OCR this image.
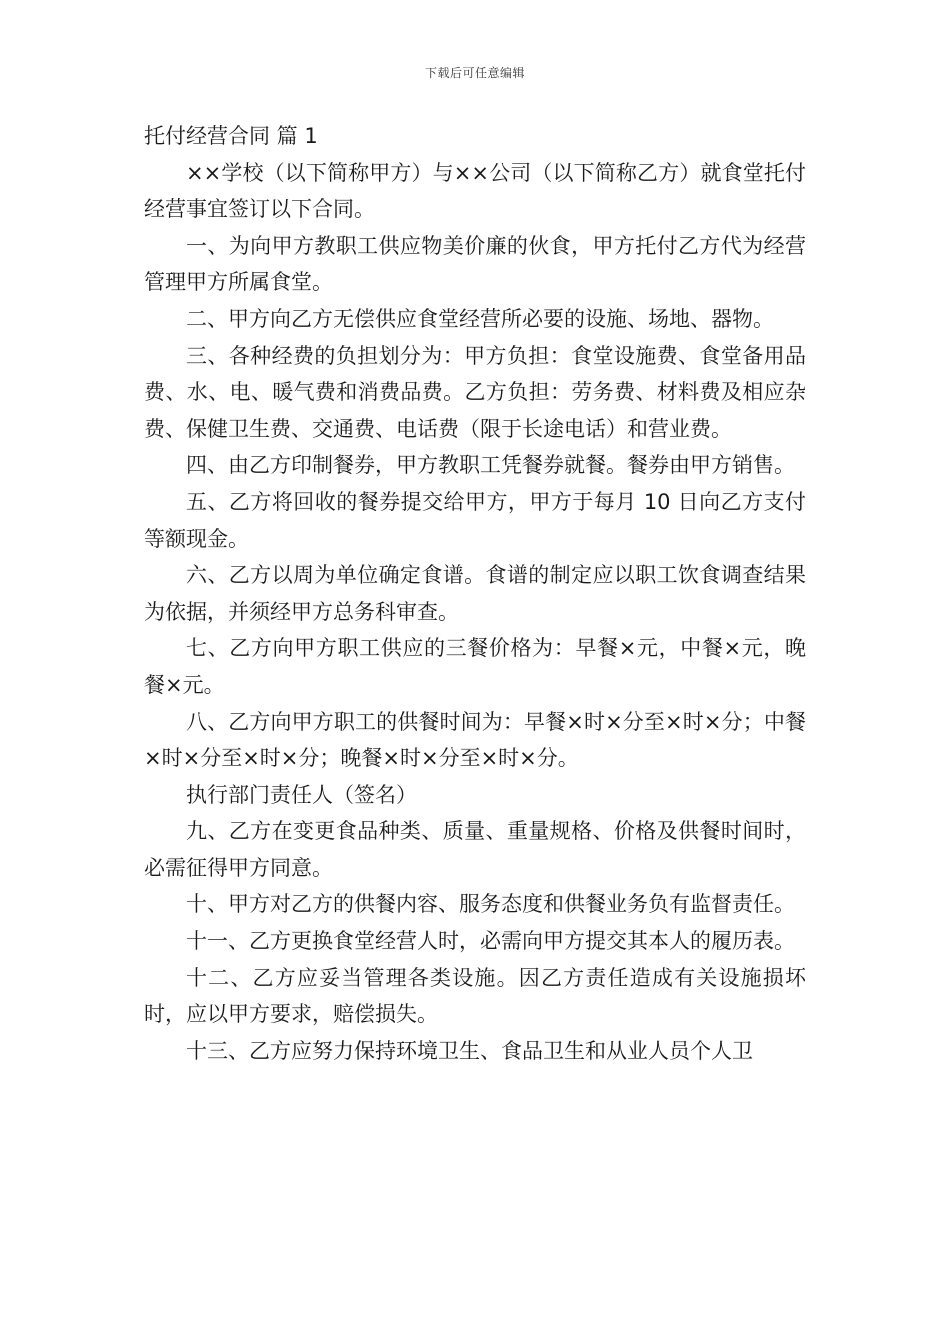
下载后可任意编辑

托付经营合同 篇 1

××学校（以下简称甲方）与××公司（以下简称乙方）就食堂托付经营事宜签订以下合同。

一、为向甲方教职工供应物美价廉的伙食，甲方托付乙方代为经营管理甲方所属食堂。

二、甲方向乙方无偿供应食堂经营所必要的设施、场地、器物。

三、各种经费的负担划分为：甲方负担：食堂设施费、食堂备用品费、水、电、暖气费和消费品费。乙方负担：劳务费、材料费及相应杂费、保健卫生费、交通费、电话费（限于长途电话）和营业费。

四、由乙方印制餐券，甲方教职工凭餐券就餐。餐券由甲方销售。

五、乙方将回收的餐券提交给甲方，甲方于每月 10 日向乙方支付等额现金。

六、乙方以周为单位确定食谱。食谱的制定应以职工饮食调查结果为依据，并须经甲方总务科审查。

七、乙方向甲方职工供应的三餐价格为：早餐×元，中餐×元，晚餐×元。

八、乙方向甲方职工的供餐时间为：早餐×时×分至×时×分；中餐×时×分至×时×分；晚餐×时×分至×时×分。

执行部门责任人（签名）

九、乙方在变更食品种类、质量、重量规格、价格及供餐时间时，必需征得甲方同意。

十、甲方对乙方的供餐内容、服务态度和供餐业务负有监督责任。

十一、乙方更换食堂经营人时，必需向甲方提交其本人的履历表。

十二、乙方应妥当管理各类设施。因乙方责任造成有关设施损坏时，应以甲方要求，赔偿损失。

十三、乙方应努力保持环境卫生、食品卫生和从业人员个人卫
